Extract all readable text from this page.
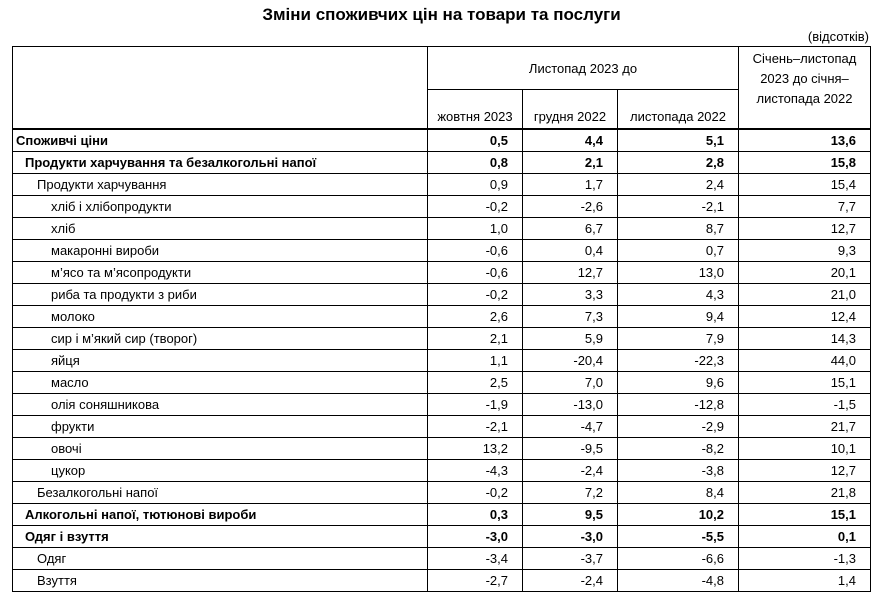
Зміни споживчих цін на товари та послуги
(відсотків)
	Листопад 2023 до			Січень–листопад 2023 до січня–листопада 2022
	жовтня 2023	грудня 2022	листопада 2022	
Споживчі ціни	0,5	4,4	5,1	13,6
Продукти харчування та безалкогольні напої	0,8	2,1	2,8	15,8
Продукти харчування	0,9	1,7	2,4	15,4
хліб і хлібопродукти	-0,2	-2,6	-2,1	7,7
хліб	1,0	6,7	8,7	12,7
макаронні вироби	-0,6	0,4	0,7	9,3
м’ясо та м’ясопродукти	-0,6	12,7	13,0	20,1
риба та продукти з риби	-0,2	3,3	4,3	21,0
молоко	2,6	7,3	9,4	12,4
сир і м’який сир (творог)	2,1	5,9	7,9	14,3
яйця	1,1	-20,4	-22,3	44,0
масло	2,5	7,0	9,6	15,1
олія соняшникова	-1,9	-13,0	-12,8	-1,5
фрукти	-2,1	-4,7	-2,9	21,7
овочі	13,2	-9,5	-8,2	10,1
цукор	-4,3	-2,4	-3,8	12,7
Безалкогольні напої	-0,2	7,2	8,4	21,8
Алкогольні напої, тютюнові вироби	0,3	9,5	10,2	15,1
Одяг і взуття	-3,0	-3,0	-5,5	0,1
Одяг	-3,4	-3,7	-6,6	-1,3
Взуття	-2,7	-2,4	-4,8	1,4
